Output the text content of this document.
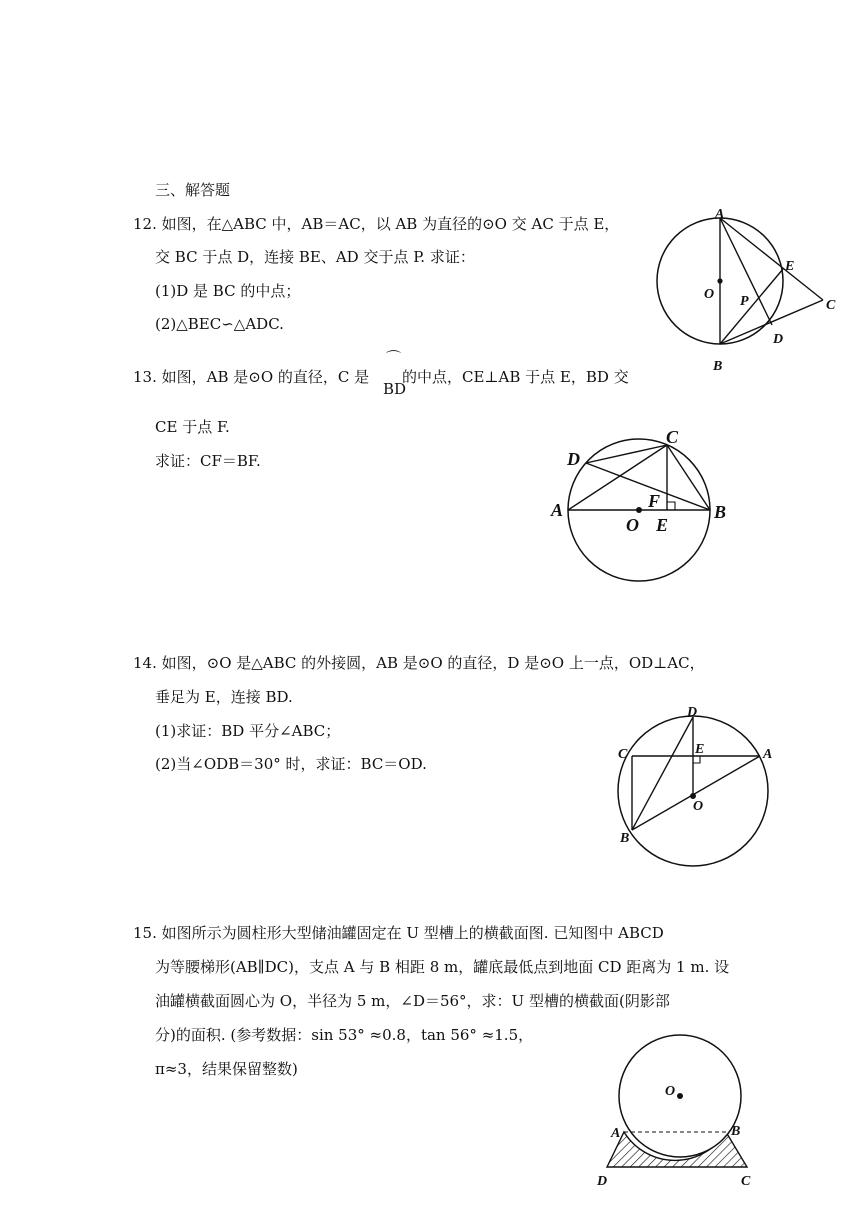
三、解答题
12. 如图，在△ABC 中，AB＝AC，以 AB 为直径的⊙O 交 AC 于点 E，
交 BC 于点 D，连接 BE、AD 交于点 P. 求证：
(1)D 是 BC 的中点；
(2)△BEC∽△ADC.
A
E
O P	C
D
B
13. 如图，AB 是⊙O 的直径，C 是
⌒
BD
的中点，CE⊥AB 于点 E，BD 交
CE 于点 F.
求证：CF＝BF.
C
D
F
A
O E
B
14. 如图，⊙O 是△ABC 的外接圆，AB 是⊙O 的直径，D 是⊙O 上一点，OD⊥AC，
垂足为 E，连接 BD.
(1)求证：BD 平分∠ABC；
(2)当∠ODB＝30° 时，求证：BC＝OD.
D
E
C	A
O
B
15. 如图所示为圆柱形大型储油罐固定在 U 型槽上的横截面图. 已知图中 ABCD
为等腰梯形(AB∥DC)，支点 A 与 B 相距 8 m，罐底最低点到地面 CD 距离为 1 m. 设
油罐横截面圆心为 O，半径为 5 m，∠D＝56°，求：U 型槽的横截面(阴影部
分)的面积. (参考数据：sin 53° ≈0.8，tan 56° ≈1.5，
π≈3，结果保留整数)
O
A	B
D	C
